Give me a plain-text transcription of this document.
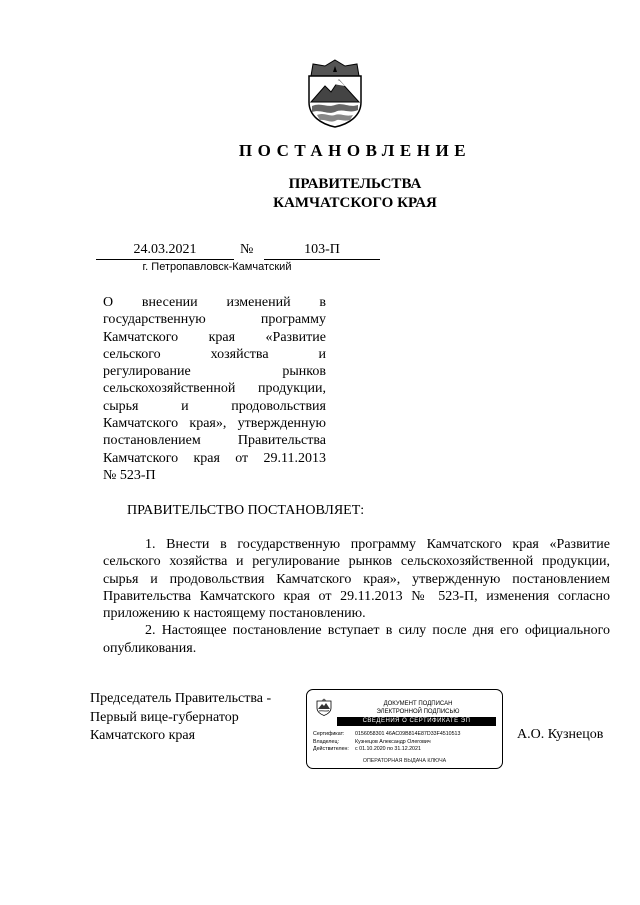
ПОСТАНОВЛЕНИЕ
ПРАВИТЕЛЬСТВА
КАМЧАТСКОГО КРАЯ
24.03.2021	№	103-П
г. Петропавловск-Камчатский
О внесении изменений в
государственную программу
Камчатского края «Развитие
сельского хозяйства и
регулирование рынков
сельскохозяйственной продукции,
сырья и продовольствия
Камчатского края», утвержденную
постановлением Правительства
Камчатского края от 29.11.2013
№ 523-П
ПРАВИТЕЛЬСТВО ПОСТАНОВЛЯЕТ:
1. Внести в государственную программу Камчатского края «Развитие
сельского хозяйства и регулирование рынков сельскохозяйственной продукции,
сырья и продовольствия Камчатского края», утвержденную постановлением
Правительства Камчатского края от 29.11.2013 № 523-П, изменения согласно
приложению к настоящему постановлению.
2. Настоящее постановление вступает в силу после дня его официального
опубликования.
Председатель Правительства -
Первый вице-губернатор
Камчатского края
ДОКУМЕНТ ПОДПИСАН
ЭЛЕКТРОННОЙ ПОДПИСЬЮ
СВЕДЕНИЯ О СЕРТИФИКАТЕ ЭП
Сертификат: 0156058301 46AC09B814E87D33F4510513
Владелец:	Кузнецов Александр Олегович
Действителен: с 01.10.2020 по 31.12.2021
ОПЕРАТОРНАЯ ВЫДАЧА КЛЮЧА
А.О. Кузнецов
